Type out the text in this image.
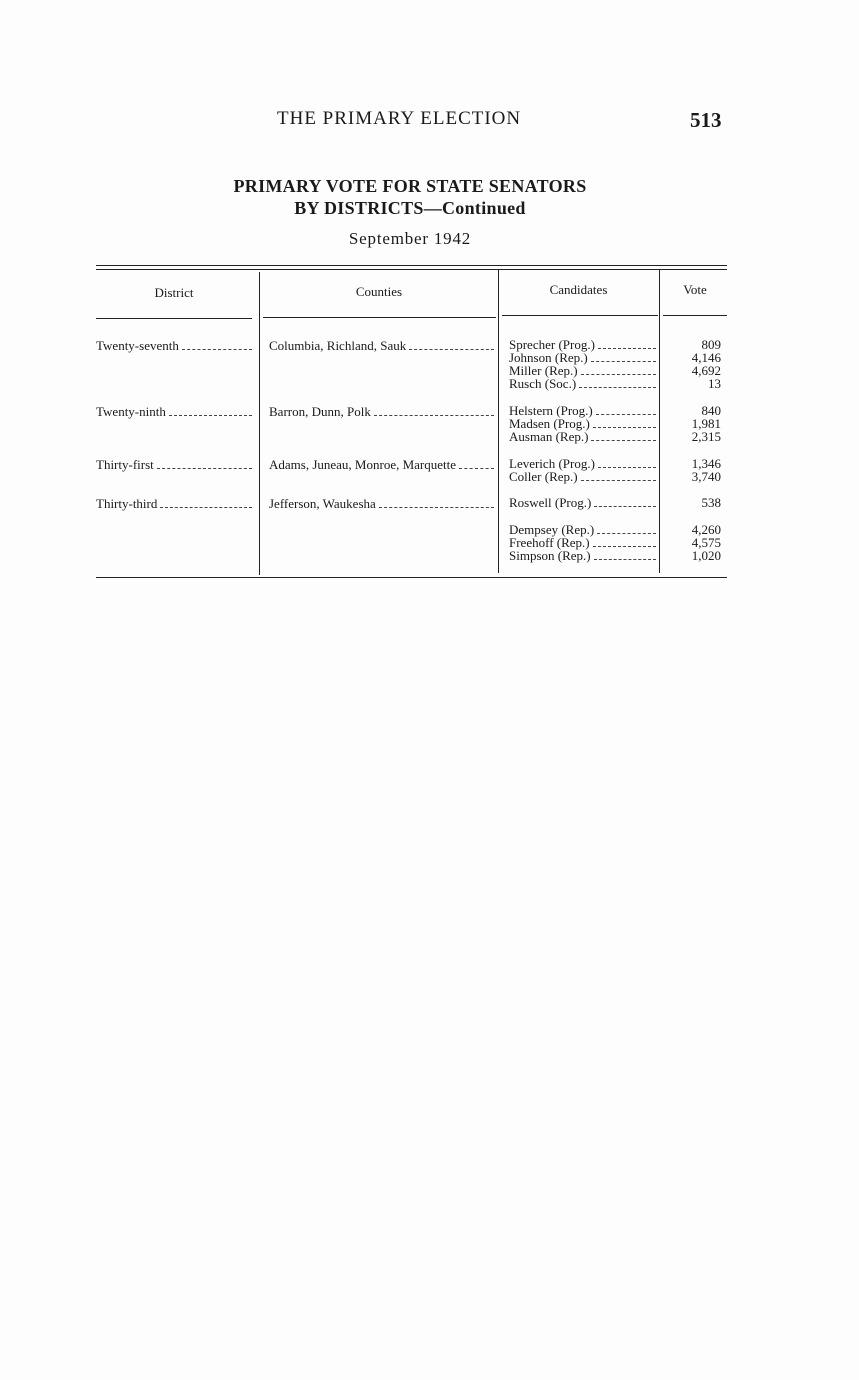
THE PRIMARY ELECTION	513
PRIMARY VOTE FOR STATE SENATORS
BY DISTRICTS—Continued
September 1942
District	Counties	Candidates	Vote
Twenty-seventh	Columbia, Richland, Sauk	Sprecher (Prog.)	809
Johnson (Rep.)	4,146
Miller (Rep.)	4,692
Rusch (Soc.)	13
Twenty-ninth	Barron, Dunn, Polk	Helstern (Prog.)	840
Madsen (Prog.)	1,981
Ausman (Rep.)	2,315
Thirty-first	Adams, Juneau, Monroe, Marquette	Leverich (Prog.)	1,346
Coller (Rep.)	3,740
Thirty-third	Jefferson, Waukesha	Roswell (Prog.)	538
Dempsey (Rep.)	4,260
Freehoff (Rep.)	4,575
Simpson (Rep.)	1,020
